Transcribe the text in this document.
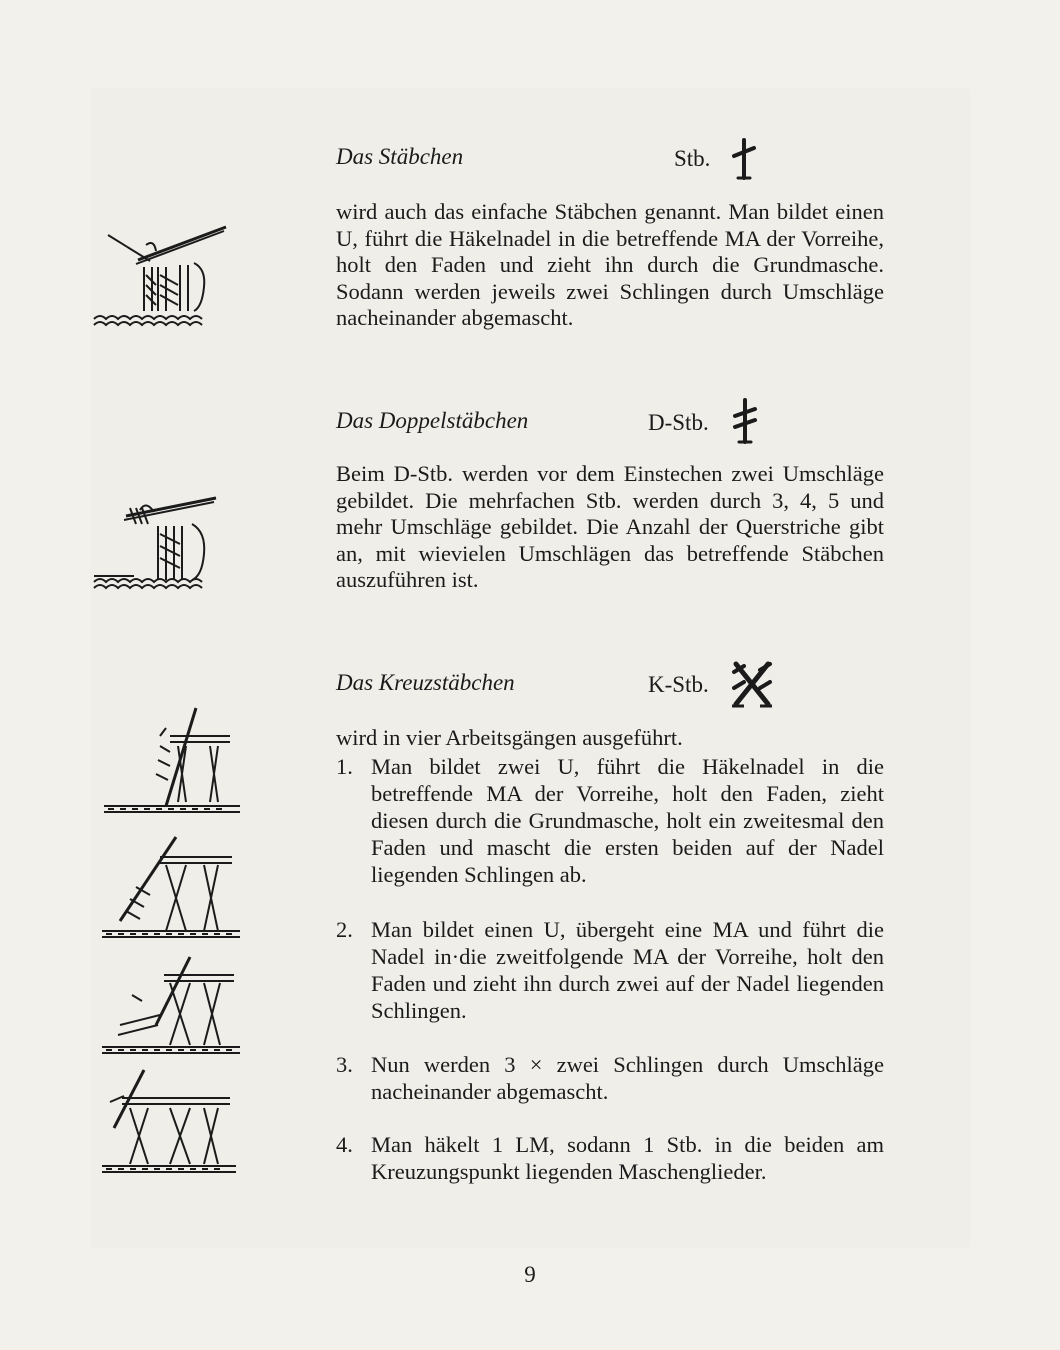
Das Stäbchen	Stb.

wird auch das einfache Stäbchen genannt. Man bildet einen U, führt die Häkelnadel in die betreffende MA der Vorreihe, holt den Faden und zieht ihn durch die Grundmasche. Sodann werden jeweils zwei Schlingen durch Umschläge nacheinander abgemascht.

Das Doppelstäbchen	D-Stb.

Beim D-Stb. werden vor dem Einstechen zwei Umschläge gebildet. Die mehrfachen Stb. werden durch 3, 4, 5 und mehr Umschläge gebildet. Die Anzahl der Querstriche gibt an, mit wievielen Umschlägen das betreffende Stäbchen auszuführen ist.

Das Kreuzstäbchen	K-Stb.
wird in vier Arbeitsgängen ausgeführt.
1. Man bildet zwei U, führt die Häkelnadel in die betreffende MA der Vorreihe, holt den Faden, zieht diesen durch die Grundmasche, holt ein zweitesmal den Faden und mascht die ersten beiden auf der Nadel liegenden Schlingen ab.
2. Man bildet einen U, übergeht eine MA und führt die Nadel in·die zweitfolgende MA der Vorreihe, holt den Faden und zieht ihn durch zwei auf der Nadel liegenden Schlingen.
3. Nun werden 3 × zwei Schlingen durch Umschläge nacheinander abgemascht.
4. Man häkelt 1 LM, sodann 1 Stb. in die beiden am Kreuzungspunkt liegenden Maschenglieder.
9
